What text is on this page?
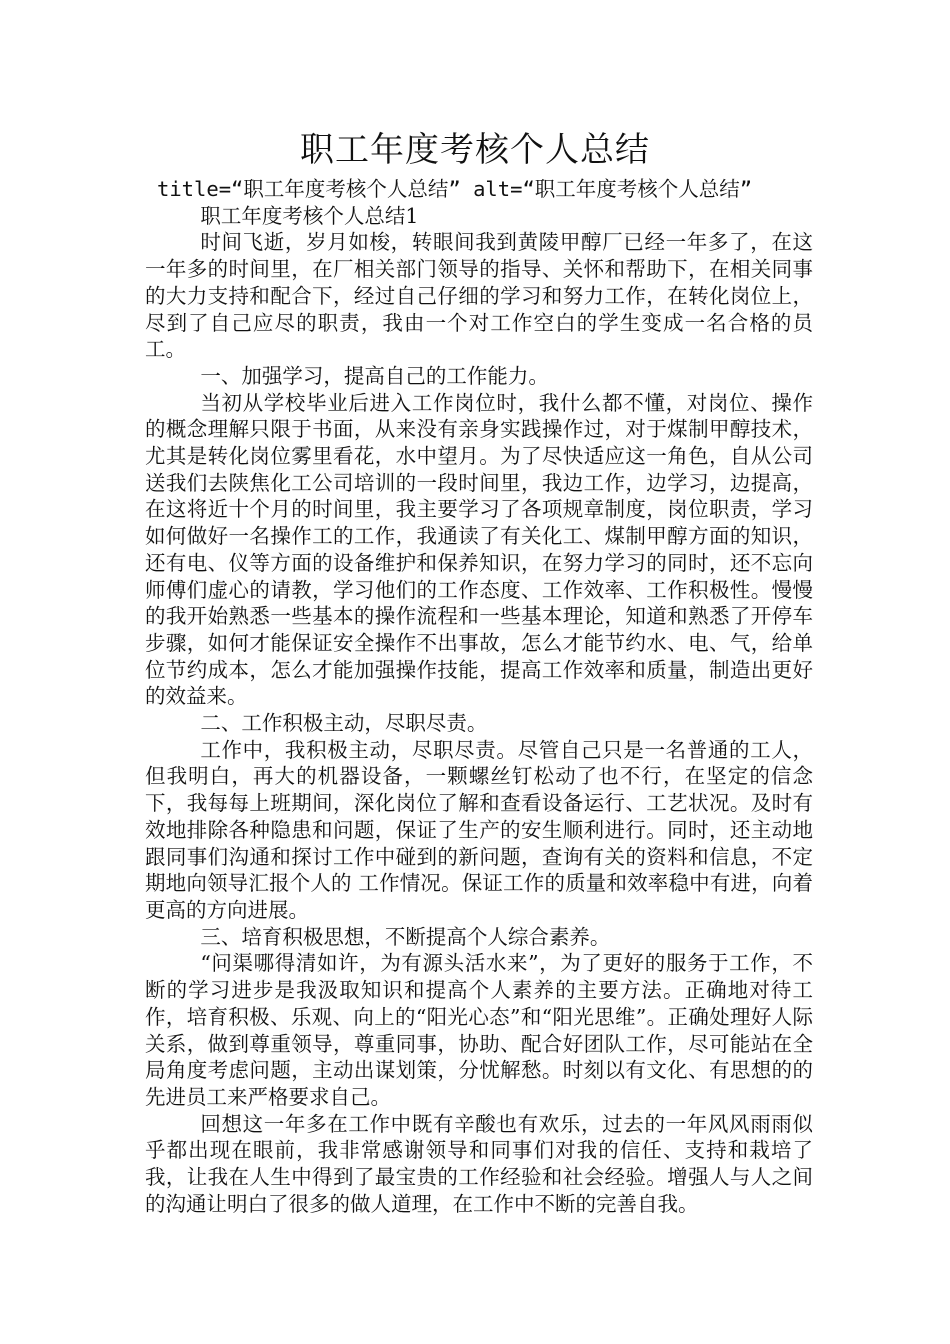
职工年度考核个人总结

title=“职工年度考核个人总结” alt=“职工年度考核个人总结”

职工年度考核个人总结1

时间飞逝，岁月如梭，转眼间我到黄陵甲醇厂已经一年多了，在这一年多的时间里，在厂相关部门领导的指导、关怀和帮助下，在相关同事的大力支持和配合下，经过自己仔细的学习和努力工作，在转化岗位上，尽到了自己应尽的职责，我由一个对工作空白的学生变成一名合格的员工。

一、加强学习，提高自己的工作能力。

当初从学校毕业后进入工作岗位时，我什么都不懂，对岗位、操作的概念理解只限于书面，从来没有亲身实践操作过，对于煤制甲醇技术，尤其是转化岗位雾里看花，水中望月。为了尽快适应这一角色，自从公司送我们去陕焦化工公司培训的一段时间里，我边工作，边学习，边提高，在这将近十个月的时间里，我主要学习了各项规章制度，岗位职责，学习如何做好一名操作工的工作，我通读了有关化工、煤制甲醇方面的知识，还有电、仪等方面的设备维护和保养知识，在努力学习的同时，还不忘向师傅们虚心的请教，学习他们的工作态度、工作效率、工作积极性。慢慢的我开始熟悉一些基本的操作流程和一些基本理论，知道和熟悉了开停车步骤，如何才能保证安全操作不出事故，怎么才能节约水、电、气，给单位节约成本，怎么才能加强操作技能，提高工作效率和质量，制造出更好的效益来。

二、工作积极主动，尽职尽责。

工作中，我积极主动，尽职尽责。尽管自己只是一名普通的工人，但我明白，再大的机器设备，一颗螺丝钉松动了也不行，在坚定的信念下，我每每上班期间，深化岗位了解和查看设备运行、工艺状况。及时有效地排除各种隐患和问题，保证了生产的安生顺利进行。同时，还主动地跟同事们沟通和探讨工作中碰到的新问题，查询有关的资料和信息，不定期地向领导汇报个人的 工作情况。保证工作的质量和效率稳中有进，向着更高的方向进展。

三、培育积极思想，不断提高个人综合素养。

“问渠哪得清如许，为有源头活水来”，为了更好的服务于工作，不断的学习进步是我汲取知识和提高个人素养的主要方法。正确地对待工作，培育积极、乐观、向上的“阳光心态”和“阳光思维”。正确处理好人际关系，做到尊重领导，尊重同事，协助、配合好团队工作，尽可能站在全局角度考虑问题，主动出谋划策，分忧解愁。时刻以有文化、有思想的的先进员工来严格要求自己。

回想这一年多在工作中既有辛酸也有欢乐，过去的一年风风雨雨似乎都出现在眼前，我非常感谢领导和同事们对我的信任、支持和栽培了我，让我在人生中得到了最宝贵的工作经验和社会经验。增强人与人之间的沟通让明白了很多的做人道理，在工作中不断的完善自我。
